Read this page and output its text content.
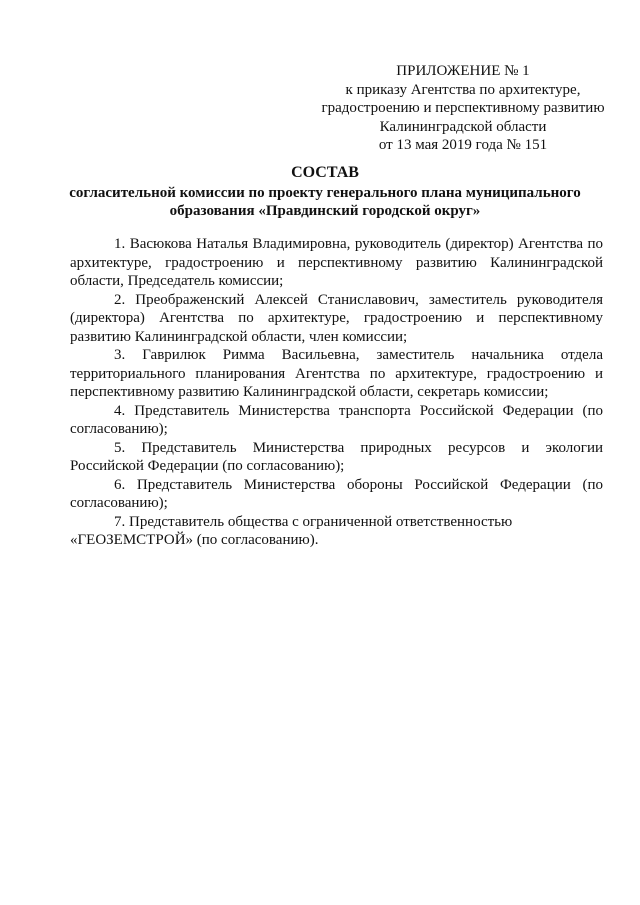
ПРИЛОЖЕНИЕ № 1
к приказу Агентства по архитектуре,
градостроению и перспективному развитию
Калининградской области
от 13 мая 2019 года № 151
СОСТАВ
согласительной комиссии по проекту генерального плана муниципального
образования «Правдинский городской округ»

1. Васюкова Наталья Владимировна, руководитель (директор) Агентства по архитектуре, градостроению и перспективному развитию Калининградской области, Председатель комиссии;

2. Преображенский Алексей Станиславович, заместитель руководителя (директора) Агентства по архитектуре, градостроению и перспективному развитию Калининградской области, член комиссии;

3. Гаврилюк Римма Васильевна, заместитель начальника отдела территориального планирования Агентства по архитектуре, градостроению и перспективному развитию Калининградской области, секретарь комиссии;

4. Представитель Министерства транспорта Российской Федерации (по согласованию);

5. Представитель Министерства природных ресурсов и экологии Российской Федерации (по согласованию);

6. Представитель Министерства обороны Российской Федерации (по согласованию);

7. Представитель общества с ограниченной ответственностью «ГЕОЗЕМСТРОЙ» (по согласованию).
